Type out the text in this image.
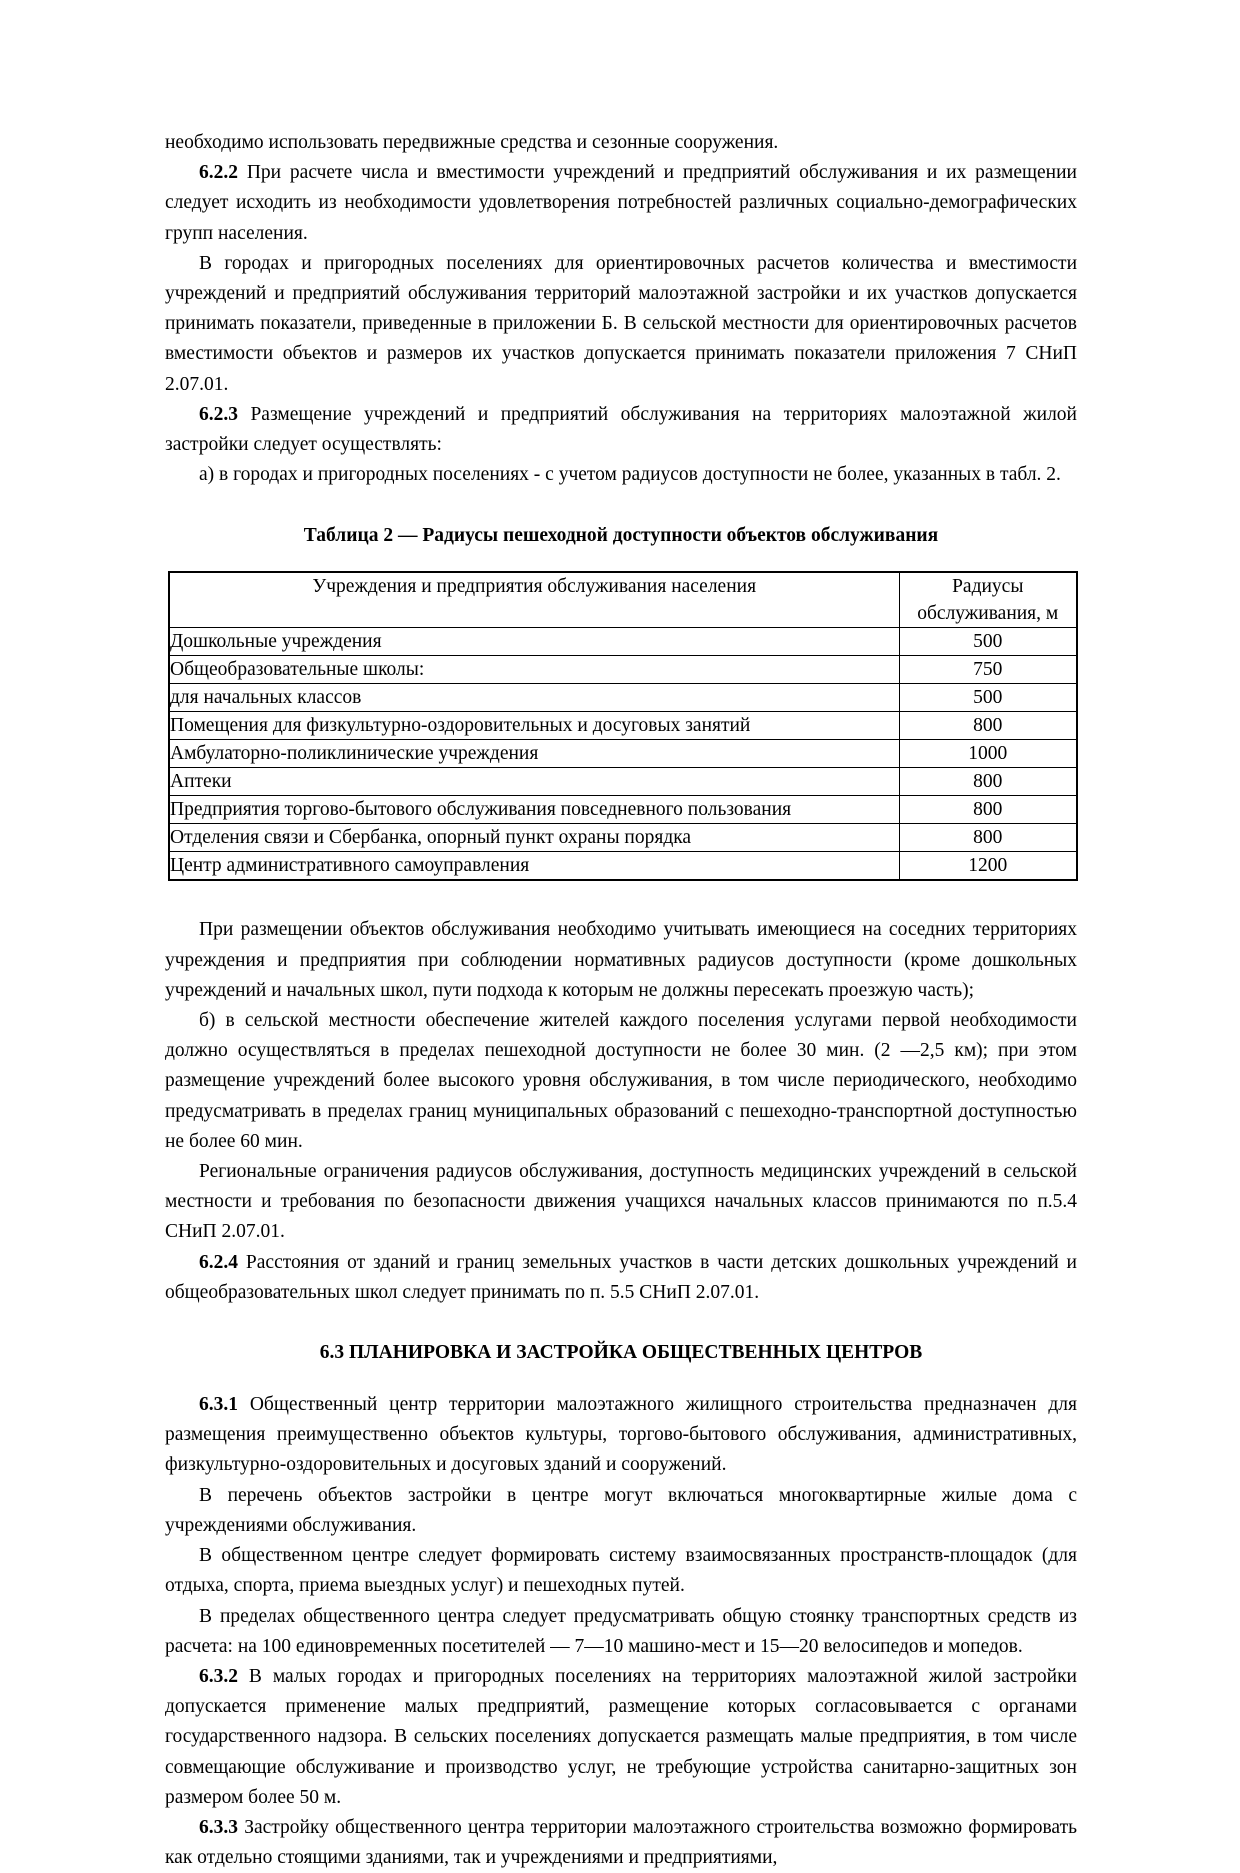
необходимо использовать передвижные средства и сезонные сооружения.

6.2.2 При расчете числа и вместимости учреждений и предприятий обслуживания и их размещении следует исходить из необходимости удовлетворения потребностей различных социально-демографических групп населения.

В городах и пригородных поселениях для ориентировочных расчетов количества и вместимости учреждений и предприятий обслуживания территорий малоэтажной застройки и их участков допускается принимать показатели, приведенные в приложении Б. В сельской местности для ориентировочных расчетов вместимости объектов и размеров их участков допускается принимать показатели приложения 7 СНиП 2.07.01.

6.2.3 Размещение учреждений и предприятий обслуживания на территориях малоэтажной жилой застройки следует осуществлять:

а) в городах и пригородных поселениях - с учетом радиусов доступности не более, указанных в табл. 2.

Таблица 2 — Радиусы пешеходной доступности объектов обслуживания

Учреждения и предприятия обслуживания населения	Радиусы
обслуживания, м
Дошкольные учреждения	500
Общеобразовательные школы:	750
для начальных классов	500
Помещения для физкультурно-оздоровительных и досуговых занятий	800
Амбулаторно-поликлинические учреждения	1000
Аптеки	800
Предприятия торгово-бытового обслуживания повседневного пользования	800
Отделения связи и Сбербанка, опорный пункт охраны порядка	800
Центр административного самоуправления	1200

При размещении объектов обслуживания необходимо учитывать имеющиеся на соседних территориях учреждения и предприятия при соблюдении нормативных радиусов доступности (кроме дошкольных учреждений и начальных школ, пути подхода к которым не должны пересекать проезжую часть);

б) в сельской местности обеспечение жителей каждого поселения услугами первой необходимости должно осуществляться в пределах пешеходной доступности не более 30 мин. (2 —2,5 км); при этом размещение учреждений более высокого уровня обслуживания, в том числе периодического, необходимо предусматривать в пределах границ муниципальных образований с пешеходно-транспортной доступностью не более 60 мин.

Региональные ограничения радиусов обслуживания, доступность медицинских учреждений в сельской местности и требования по безопасности движения учащихся начальных классов принимаются по п.5.4 СНиП 2.07.01.

6.2.4 Расстояния от зданий и границ земельных участков в части детских дошкольных учреждений и общеобразовательных школ следует принимать по п. 5.5 СНиП 2.07.01.

6.3 ПЛАНИРОВКА И ЗАСТРОЙКА ОБЩЕСТВЕННЫХ ЦЕНТРОВ

6.3.1 Общественный центр территории малоэтажного жилищного строительства предназначен для размещения преимущественно объектов культуры, торгово-бытового обслуживания, административных, физкультурно-оздоровительных и досуговых зданий и сооружений.

В перечень объектов застройки в центре могут включаться многоквартирные жилые дома с учреждениями обслуживания.

В общественном центре следует формировать систему взаимосвязанных пространств-площадок (для отдыха, спорта, приема выездных услуг) и пешеходных путей.

В пределах общественного центра следует предусматривать общую стоянку транспортных средств из расчета: на 100 единовременных посетителей — 7—10 машино-мест и 15—20 велосипедов и мопедов.

6.3.2 В малых городах и пригородных поселениях на территориях малоэтажной жилой застройки допускается применение малых предприятий, размещение которых согласовывается с органами государственного надзора. В сельских поселениях допускается размещать малые предприятия, в том числе совмещающие обслуживание и производство услуг, не требующие устройства санитарно-защитных зон размером более 50 м.

6.3.3 Застройку общественного центра территории малоэтажного строительства возможно формировать как отдельно стоящими зданиями, так и учреждениями и предприятиями,
